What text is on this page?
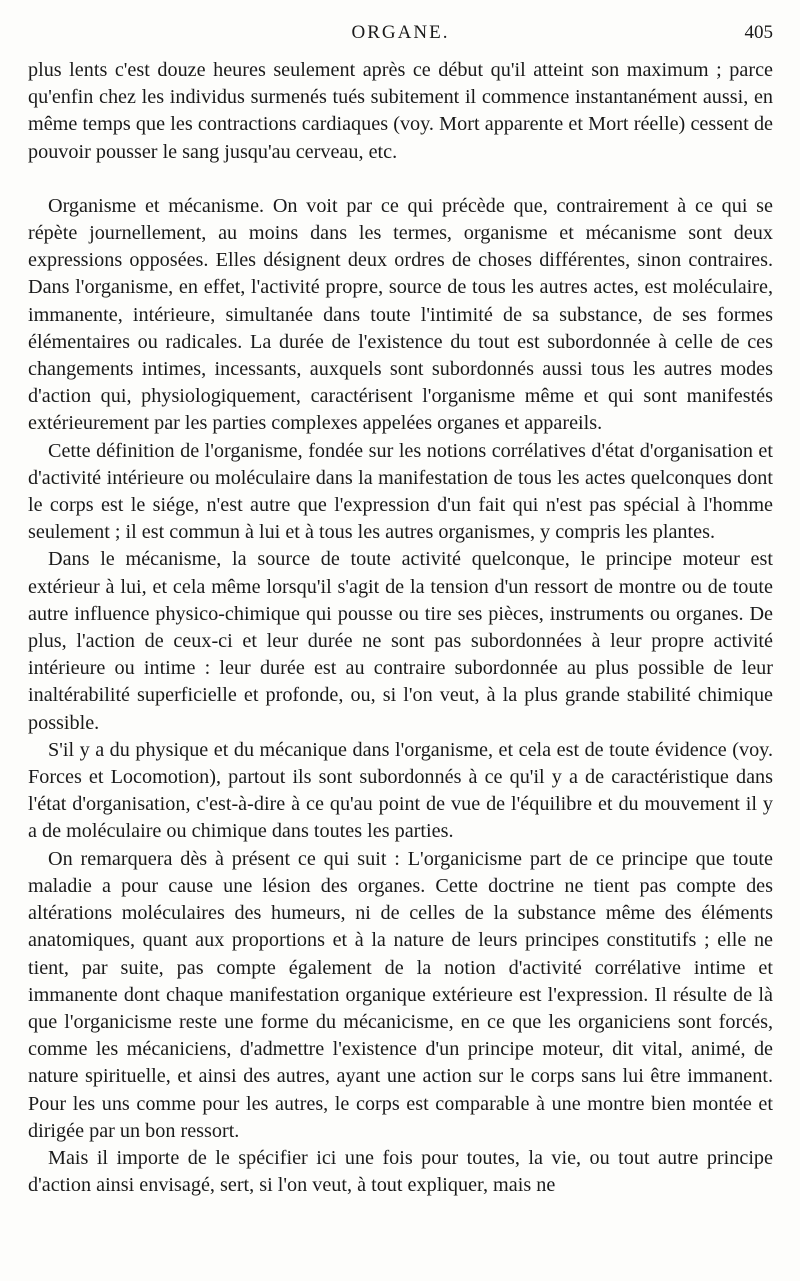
ORGANE.	405

plus lents c'est douze heures seulement après ce début qu'il atteint son maximum ; parce qu'enfin chez les individus surmenés tués subitement il commence instantanément aussi, en même temps que les contractions cardiaques (voy. Mort apparente et Mort réelle) cessent de pouvoir pousser le sang jusqu'au cerveau, etc.

Organisme et mécanisme. On voit par ce qui précède que, contrairement à ce qui se répète journellement, au moins dans les termes, organisme et mécanisme sont deux expressions opposées. Elles désignent deux ordres de choses différentes, sinon contraires. Dans l'organisme, en effet, l'activité propre, source de tous les autres actes, est moléculaire, immanente, intérieure, simultanée dans toute l'intimité de sa substance, de ses formes élémentaires ou radicales. La durée de l'existence du tout est subordonnée à celle de ces changements intimes, incessants, auxquels sont subordonnés aussi tous les autres modes d'action qui, physiologiquement, caractérisent l'organisme même et qui sont manifestés extérieurement par les parties complexes appelées organes et appareils.

Cette définition de l'organisme, fondée sur les notions corrélatives d'état d'organisation et d'activité intérieure ou moléculaire dans la manifestation de tous les actes quelconques dont le corps est le siége, n'est autre que l'expression d'un fait qui n'est pas spécial à l'homme seulement ; il est commun à lui et à tous les autres organismes, y compris les plantes.

Dans le mécanisme, la source de toute activité quelconque, le principe moteur est extérieur à lui, et cela même lorsqu'il s'agit de la tension d'un ressort de montre ou de toute autre influence physico-chimique qui pousse ou tire ses pièces, instruments ou organes. De plus, l'action de ceux-ci et leur durée ne sont pas subordonnées à leur propre activité intérieure ou intime : leur durée est au contraire subordonnée au plus possible de leur inaltérabilité superficielle et profonde, ou, si l'on veut, à la plus grande stabilité chimique possible.

S'il y a du physique et du mécanique dans l'organisme, et cela est de toute évidence (voy. Forces et Locomotion), partout ils sont subordonnés à ce qu'il y a de caractéristique dans l'état d'organisation, c'est-à-dire à ce qu'au point de vue de l'équilibre et du mouvement il y a de moléculaire ou chimique dans toutes les parties.

On remarquera dès à présent ce qui suit : L'organicisme part de ce principe que toute maladie a pour cause une lésion des organes. Cette doctrine ne tient pas compte des altérations moléculaires des humeurs, ni de celles de la substance même des éléments anatomiques, quant aux proportions et à la nature de leurs principes constitutifs ; elle ne tient, par suite, pas compte également de la notion d'activité corrélative intime et immanente dont chaque manifestation organique extérieure est l'expression. Il résulte de là que l'organicisme reste une forme du mécanicisme, en ce que les organiciens sont forcés, comme les mécaniciens, d'admettre l'existence d'un principe moteur, dit vital, animé, de nature spirituelle, et ainsi des autres, ayant une action sur le corps sans lui être immanent. Pour les uns comme pour les autres, le corps est comparable à une montre bien montée et dirigée par un bon ressort.

Mais il importe de le spécifier ici une fois pour toutes, la vie, ou tout autre principe d'action ainsi envisagé, sert, si l'on veut, à tout expliquer, mais ne
